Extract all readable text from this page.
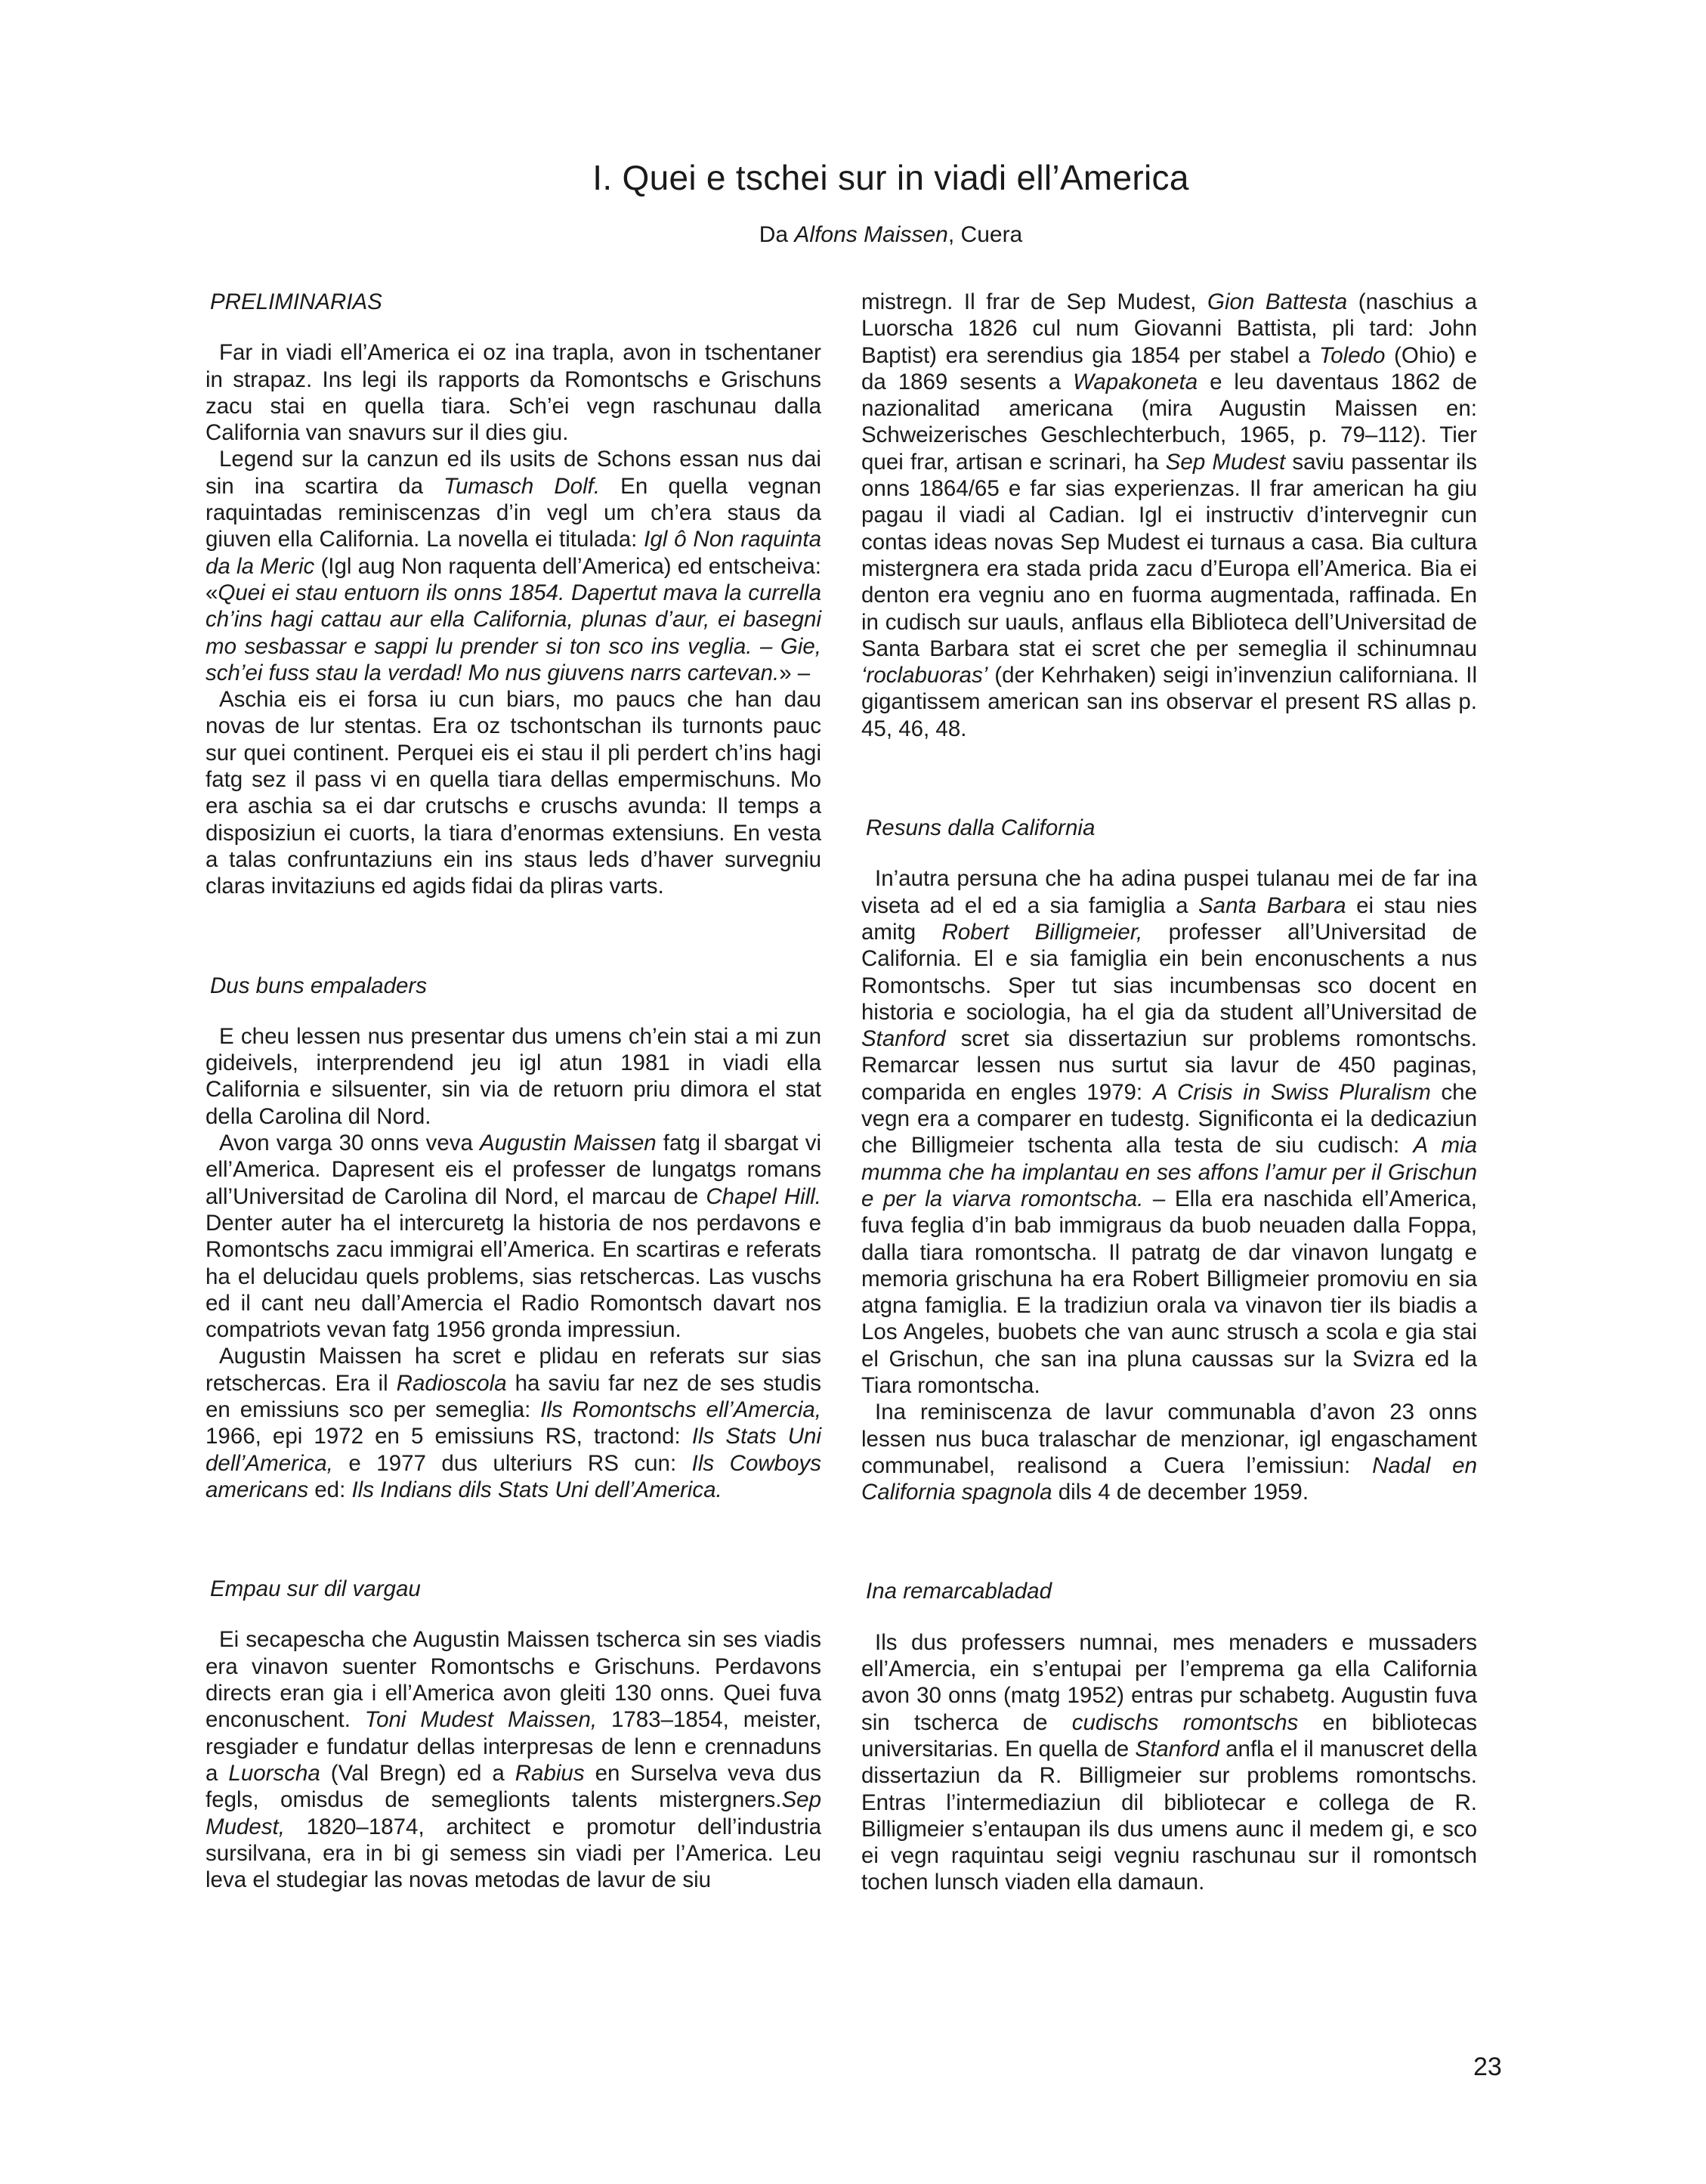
I. Quei e tschei sur in viadi ell’America
Da Alfons Maissen, Cuera
PRELIMINARIAS

Far in viadi ell’America ei oz ina trapla, avon in tschentaner in strapaz. Ins legi ils rapports da Romontschs e Grischuns zacu stai en quella tiara. Sch’ei vegn raschunau dalla California van snavurs sur il dies giu.

Legend sur la canzun ed ils usits de Schons essan nus dai sin ina scartira da Tumasch Dolf. En quella vegnan raquintadas reminiscenzas d’in vegl um ch’era staus da giuven ella California. La novella ei titulada: Igl ô Non raquinta da la Meric (Igl aug Non raquenta dell’America) ed entscheiva: «Quei ei stau entuorn ils onns 1854. Dapertut mava la currella ch’ins hagi cattau aur ella California, plunas d’aur, ei basegni mo sesbassar e sappi lu prender si ton sco ins veglia. – Gie, sch’ei fuss stau la verdad! Mo nus giuvens narrs cartevan.» –

Aschia eis ei forsa iu cun biars, mo paucs che han dau novas de lur stentas. Era oz tschontschan ils turnonts pauc sur quei continent. Perquei eis ei stau il pli perdert ch’ins hagi fatg sez il pass vi en quella tiara dellas empermischuns. Mo era aschia sa ei dar crutschs e cruschs avunda: Il temps a disposiziun ei cuorts, la tiara d’enormas extensiuns. En vesta a talas confruntaziuns ein ins staus leds d’haver survegniu claras invitaziuns ed agids fidai da pliras varts.

Dus buns empaladers

E cheu lessen nus presentar dus umens ch’ein stai a mi zun gideivels, interprendend jeu igl atun 1981 in viadi ella California e silsuenter, sin via de retuorn priu dimora el stat della Carolina dil Nord.

Avon varga 30 onns veva Augustin Maissen fatg il sbargat vi ell’America. Dapresent eis el professer de lungatgs romans all’Universitad de Carolina dil Nord, el marcau de Chapel Hill. Denter auter ha el intercuretg la historia de nos perdavons e Romontschs zacu immigrai ell’America. En scartiras e referats ha el delucidau quels problems, sias retschercas. Las vuschs ed il cant neu dall’Amercia el Radio Romontsch davart nos compatriots vevan fatg 1956 gronda impressiun.

Augustin Maissen ha scret e plidau en referats sur sias retschercas. Era il Radioscola ha saviu far nez de ses studis en emissiuns sco per semeglia: Ils Romontschs ell’Amercia, 1966, epi 1972 en 5 emissiuns RS, tractond: Ils Stats Uni dell’America, e 1977 dus ulteriurs RS cun: Ils Cowboys americans ed: Ils Indians dils Stats Uni dell’America.

Empau sur dil vargau

Ei secapescha che Augustin Maissen tscherca sin ses viadis era vinavon suenter Romontschs e Grischuns. Perdavons directs eran gia i ell’America avon gleiti 130 onns. Quei fuva enconuschent. Toni Mudest Maissen, 1783–1854, meister, resgiader e fundatur dellas interpresas de lenn e crennaduns a Luorscha (Val Bregn) ed a Rabius en Surselva veva dus fegls, omisdus de semeglionts talents mistergners.Sep Mudest, 1820–1874, architect e promotur dell’industria sursilvana, era in bi gi semess sin viadi per l’America. Leu leva el studegiar las novas metodas de lavur de siu

mistregn. Il frar de Sep Mudest, Gion Battesta (naschius a Luorscha 1826 cul num Giovanni Battista, pli tard: John Baptist) era serendius gia 1854 per stabel a Toledo (Ohio) e da 1869 sesents a Wapakoneta e leu daventaus 1862 de nazionalitad americana (mira Augustin Maissen en: Schweizerisches Geschlechterbuch, 1965, p. 79–112). Tier quei frar, artisan e scrinari, ha Sep Mudest saviu passentar ils onns 1864/65 e far sias experienzas. Il frar american ha giu pagau il viadi al Cadian. Igl ei instructiv d’intervegnir cun contas ideas novas Sep Mudest ei turnaus a casa. Bia cultura mistergnera era stada prida zacu d’Europa ell’America. Bia ei denton era vegniu ano en fuorma augmentada, raffinada. En in cudisch sur uauls, anflaus ella Biblioteca dell’Universitad de Santa Barbara stat ei scret che per semeglia il schinumnau ‘roclabuoras’ (der Kehrhaken) seigi in’invenziun californiana. Il gigantissem american san ins observar el present RS allas p. 45, 46, 48.

Resuns dalla California

In’autra persuna che ha adina puspei tulanau mei de far ina viseta ad el ed a sia famiglia a Santa Barbara ei stau nies amitg Robert Billigmeier, professer all’Universitad de California. El e sia famiglia ein bein enconuschents a nus Romontschs. Sper tut sias incumbensas sco docent en historia e sociologia, ha el gia da student all’Universitad de Stanford scret sia dissertaziun sur problems romontschs. Remarcar lessen nus surtut sia lavur de 450 paginas, comparida en engles 1979: A Crisis in Swiss Pluralism che vegn era a comparer en tudestg. Significonta ei la dedicaziun che Billigmeier tschenta alla testa de siu cudisch: A mia mumma che ha implantau en ses affons l’amur per il Grischun e per la viarva romontscha. – Ella era naschida ell’America, fuva feglia d’in bab immigraus da buob neuaden dalla Foppa, dalla tiara romontscha. Il patratg de dar vinavon lungatg e memoria grischuna ha era Robert Billigmeier promoviu en sia atgna famiglia. E la tradiziun orala va vinavon tier ils biadis a Los Angeles, buobets che van aunc strusch a scola e gia stai el Grischun, che san ina pluna caussas sur la Svizra ed la Tiara romontscha.

Ina reminiscenza de lavur communabla d’avon 23 onns lessen nus buca tralaschar de menzionar, igl engaschament communabel, realisond a Cuera l’emissiun: Nadal en California spagnola dils 4 de december 1959.

Ina remarcabladad

Ils dus professers numnai, mes menaders e mussaders ell’Amercia, ein s’entupai per l’emprema ga ella California avon 30 onns (matg 1952) entras pur schabetg. Augustin fuva sin tscherca de cudischs romontschs en bibliotecas universitarias. En quella de Stanford anfla el il manuscret della dissertaziun da R. Billigmeier sur problems romontschs. Entras l’intermediaziun dil bibliotecar e collega de R. Billigmeier s’entaupan ils dus umens aunc il medem gi, e sco ei vegn raquintau seigi vegniu raschunau sur il romontsch tochen lunsch viaden ella damaun.

23
